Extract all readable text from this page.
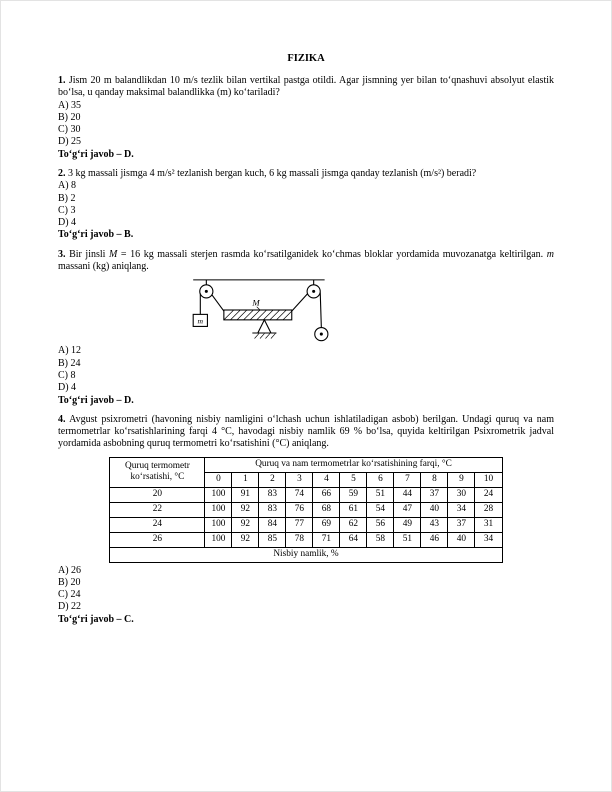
FIZIKA

1. Jism 20 m balandlikdan 10 m/s tezlik bilan vertikal pastga otildi. Agar jismning yer bilan to‘qnashuvi absolyut elastik bo‘lsa, u qanday maksimal balandlikka (m) ko‘tariladi?

A) 35
B) 20
C) 30
D) 25
To‘g‘ri javob – D.

2. 3 kg massali jismga 4 m/s² tezlanish bergan kuch, 6 kg massali jismga qanday tezlanish (m/s²) beradi?

A) 8
B) 2
C) 3
D) 4
To‘g‘ri javob – B.

3. Bir jinsli M = 16 kg massali sterjen rasmda ko‘rsatilganidek ko‘chmas bloklar yordamida muvozanatga keltirilgan. m massani (kg) aniqlang.

M
m
A) 12
B) 24
C) 8
D) 4
To‘g‘ri javob – D.

4. Avgust psixrometri (havoning nisbiy namligini o‘lchash uchun ishlatiladigan asbob) berilgan. Undagi quruq va nam termometrlar ko‘rsatishlarining farqi 4 °C, havodagi nisbiy namlik 69 % bo‘lsa, quyida keltirilgan Psixrometrik jadval yordamida asbobning quruq termometri ko‘rsatishini (°C) aniqlang.

Quruq termometr ko‘rsatishi, °C	Quruq va nam termometrlar ko‘rsatishining farqi, °C										
	0	1	2	3	4	5	6	7	8	9	10
20	100	91	83	74	66	59	51	44	37	30	24
22	100	92	83	76	68	61	54	47	40	34	28
24	100	92	84	77	69	62	56	49	43	37	31
26	100	92	85	78	71	64	58	51	46	40	34
Nisbiy namlik, %											
A) 26
B) 20
C) 24
D) 22
To‘g‘ri javob – C.
